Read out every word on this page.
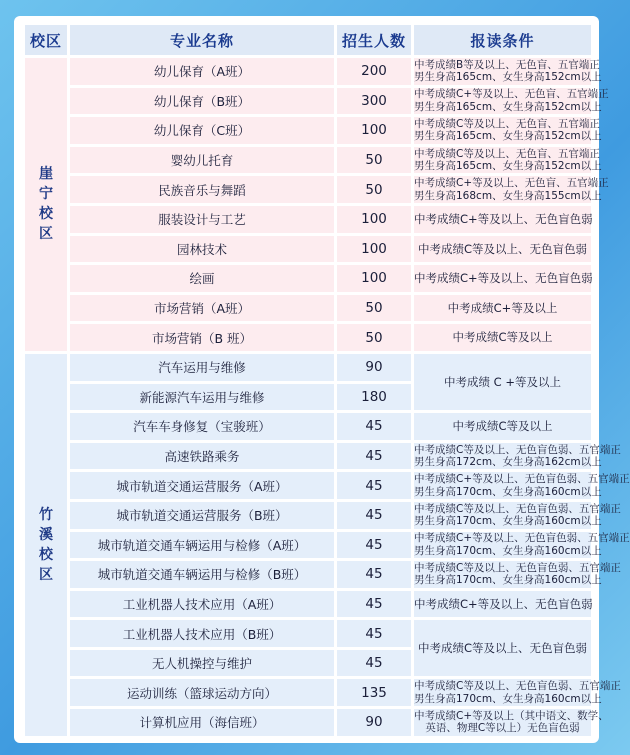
校区	专业名称	招生人数	报读条件

崖
宁
校
区	幼儿保育（A班）	200	中考成绩B等及以上、无色盲、五官端正
男生身高165cm、女生身高152cm以上

	幼儿保育（B班）	300	中考成绩C+等及以上、无色盲、五官端正
男生身高165cm、女生身高152cm以上

	幼儿保育（C班）	100	中考成绩C等及以上、无色盲、五官端正
男生身高165cm、女生身高152cm以上

	婴幼儿托育	50	中考成绩C等及以上、无色盲、五官端正
男生身高165cm、女生身高152cm以上

	民族音乐与舞蹈	50	中考成绩C+等及以上、无色盲、五官端正
男生身高168cm、女生身高155cm以上

	服装设计与工艺	100	中考成绩C+等及以上、无色盲色弱

	园林技术	100	中考成绩C等及以上、无色盲色弱

	绘画	100	中考成绩C+等及以上、无色盲色弱

	市场营销（A班）	50	中考成绩C+等及以上

	市场营销（B 班）	50	中考成绩C等及以上

竹
溪
校
区	汽车运用与维修	90	中考成绩 C +等及以上

	新能源汽车运用与维修	180	
	汽车车身修复（宝骏班）	45	中考成绩C等及以上

	高速铁路乘务	45	中考成绩C等及以上、无色盲色弱、五官端正
男生身高172cm、女生身高162cm以上

	城市轨道交通运营服务（A班）	45	中考成绩C+等及以上、无色盲色弱、五官端正
男生身高170cm、女生身高160cm以上

	城市轨道交通运营服务（B班）	45	中考成绩C等及以上、无色盲色弱、五官端正
男生身高170cm、女生身高160cm以上

	城市轨道交通车辆运用与检修（A班）	45	中考成绩C+等及以上、无色盲色弱、五官端正
男生身高170cm、女生身高160cm以上

	城市轨道交通车辆运用与检修（B班）	45	中考成绩C等及以上、无色盲色弱、五官端正
男生身高170cm、女生身高160cm以上

	工业机器人技术应用（A班）	45	中考成绩C+等及以上、无色盲色弱

	工业机器人技术应用（B班）	45	中考成绩C等及以上、无色盲色弱

	无人机操控与维护	45	
	运动训练（篮球运动方向）	135	中考成绩C等及以上、无色盲色弱、五官端正
男生身高170cm、女生身高160cm以上

	计算机应用（海信班）	90	中考成绩C+等及以上（其中语文、数学、
英语、物理C等以上）无色盲色弱
